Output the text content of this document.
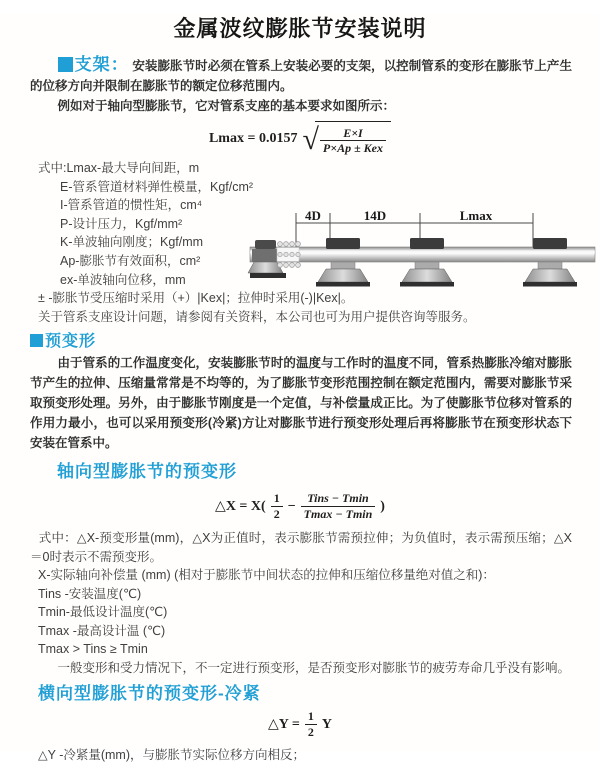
金属波纹膨胀节安装说明

支架： 安装膨胀节时必须在管系上安装必要的支架，以控制管系的变形在膨胀节上产生的位移方向并限制在膨胀节的额定位移范围内。

例如对于轴向型膨胀节，它对管系支座的基本要求如图所示：

Lmax = 0.0157 √ $\frac{E\times I}{\text{P×Ap ± Kex}}$
式中:Lmax-最大导向间距，m
E-管系管道材料弹性模量，Kgf/cm²
I-管系管道的惯性矩，cm⁴
P-设计压力，Kgf/mm²
K-单波轴向刚度；Kgf/mm
Ap-膨胀节有效面积，cm²
ex-单波轴向位移，mm
± -膨胀节受压缩时采用（+）|Kex|；拉伸时采用(-)|Kex|。
关于管系支座设计问题，请参阅有关资料，本公司也可为用户提供咨询等服务。
4D	14D	Lmax
预变形

由于管系的工作温度变化，安装膨胀节时的温度与工作时的温度不同，管系热膨胀冷缩对膨胀节产生的拉伸、压缩量常常是不均等的，为了膨胀节变形范围控制在额定范围内，需要对膨胀节采取预变形处理。另外，由于膨胀节刚度是一个定值，与补偿量成正比。为了使膨胀节位移对管系的作用力最小，也可以采用预变形(冷紧)方让对膨胀节进行预变形处理后再将膨胀节在预变形状态下安装在管系中。

轴向型膨胀节的预变形
△X = $X( \frac{1}{2} - \frac{\text{Tins − Tmin}}{Tmax - Tmin}$ )

式中：△X-预变形量(mm)，△X为正值时，表示膨胀节需预拉伸；为负值时，表示需预压缩；△X＝0时表示不需预变形。

X-实际轴向补偿量 (mm) (相对于膨胀节中间状态的拉伸和压缩位移量绝对值之和)：
Tins -安装温度(℃)
Tmin-最低设计温度(℃)
Tmax -最高设计温 (℃)
Tmax > Tins ≥ Tmin

一般变形和受力情况下，不一定进行预变形，是否预变形对膨胀节的疲劳寿命几乎没有影响。

横向型膨胀节的预变形-冷紧
△Y = $\frac{1}{2}$ Y
△Y -冷紧量(mm)，与膨胀节实际位移方向相反；
